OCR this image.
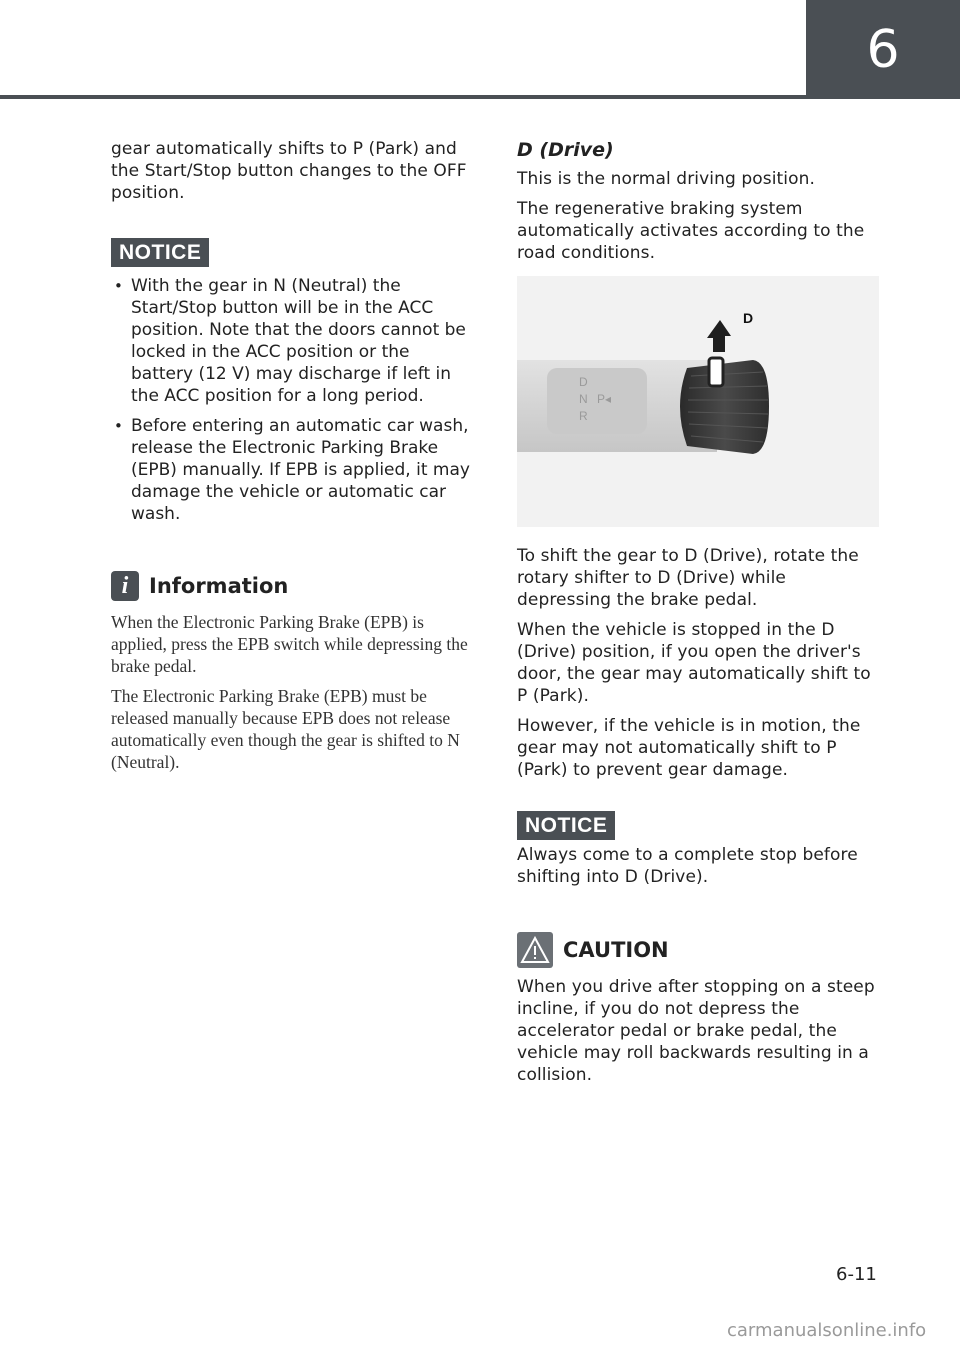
6

gear automatically shifts to P (Park) and the Start/Stop button changes to the OFF position.

NOTICE
• With the gear in N (Neutral) the Start/Stop button will be in the ACC position. Note that the doors cannot be locked in the ACC position or the battery (12 V) may discharge if left in the ACC position for a long period.
• Before entering an automatic car wash, release the Electronic Parking Brake (EPB) manually. If EPB is applied, it may damage the vehicle or automatic car wash.
i Information

When the Electronic Parking Brake (EPB) is applied, press the EPB switch while depressing the brake pedal.

The Electronic Parking Brake (EPB) must be released manually because EPB does not release automatically even though the gear is shifted to N (Neutral).

D (Drive)

This is the normal driving position.

The regenerative braking system automatically activates according to the road conditions.

D
N P◂
R
D

To shift the gear to D (Drive), rotate the rotary shifter to D (Drive) while depressing the brake pedal.

When the vehicle is stopped in the D (Drive) position, if you open the driver's door, the gear may automatically shift to P (Park).

However, if the vehicle is in motion, the gear may not automatically shift to P (Park) to prevent gear damage.

NOTICE

Always come to a complete stop before shifting into D (Drive).

CAUTION

When you drive after stopping on a steep incline, if you do not depress the accelerator pedal or brake pedal, the vehicle may roll backwards resulting in a collision.

6-11
carmanualsonline.info
